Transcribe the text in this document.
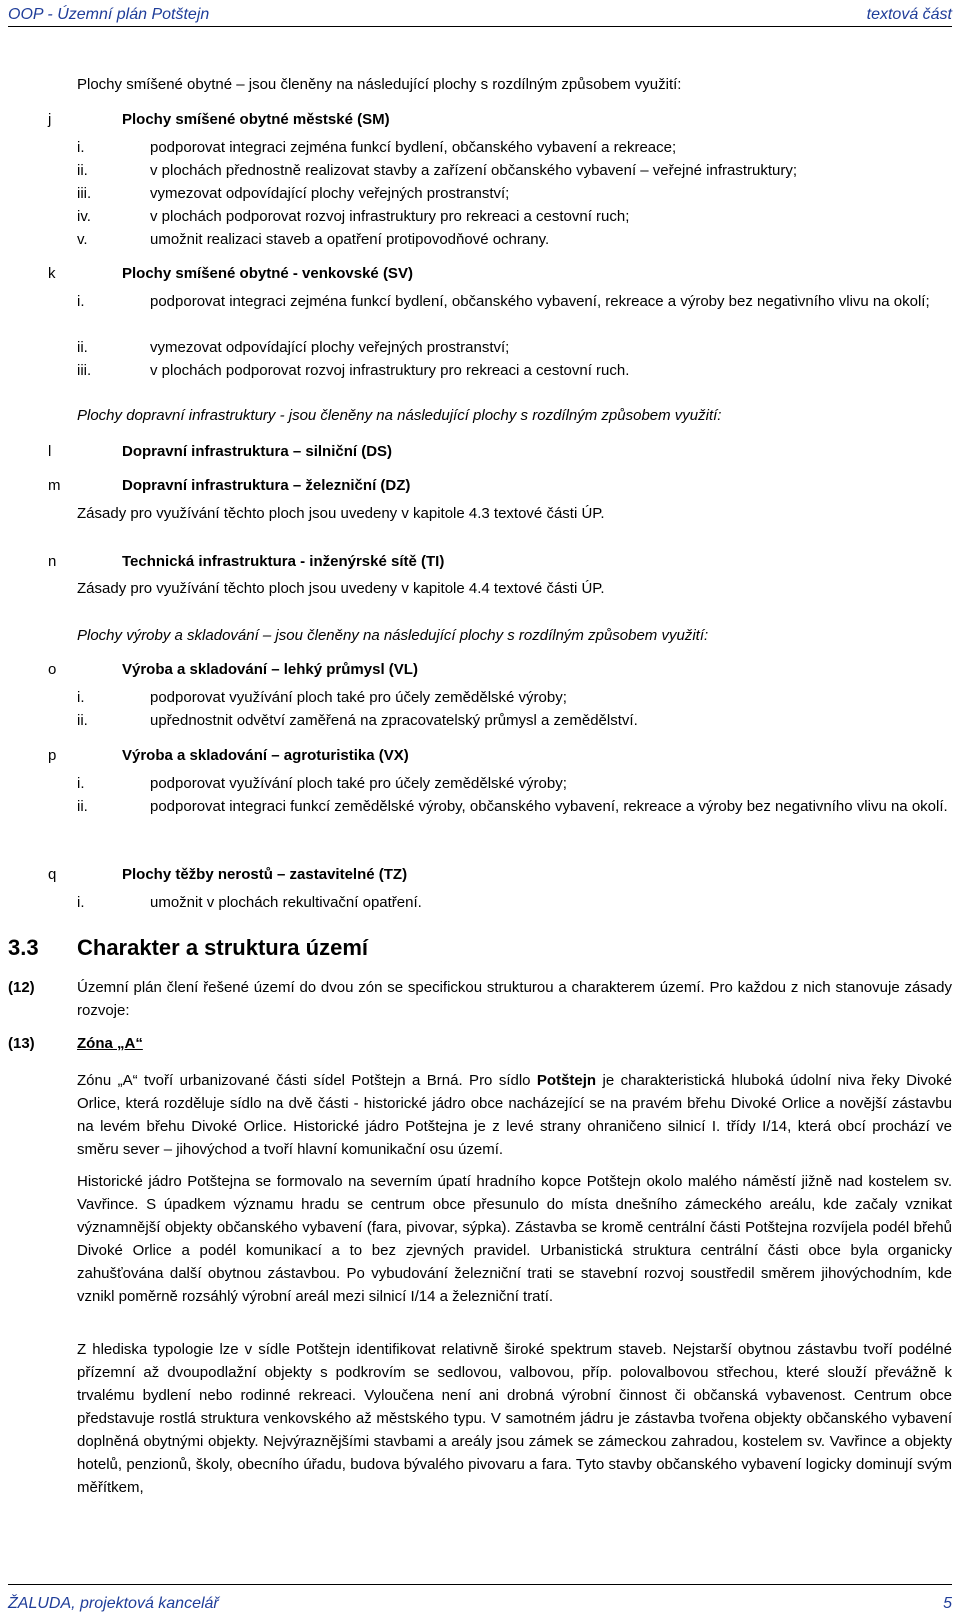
OOP - Územní plán Potštejn	textová část
Plochy smíšené obytné – jsou členěny na následující plochy s rozdílným způsobem využití:
j	Plochy smíšené obytné městské (SM)
i.	podporovat integraci zejména funkcí bydlení, občanského vybavení a rekreace;
ii.	v plochách přednostně realizovat stavby a zařízení občanského vybavení – veřejné infrastruktury;
iii.	vymezovat odpovídající plochy veřejných prostranství;
iv.	v plochách podporovat rozvoj infrastruktury pro rekreaci a cestovní ruch;
v.	umožnit realizaci staveb a opatření protipovodňové ochrany.
k	Plochy smíšené obytné - venkovské (SV)
i.	podporovat integraci zejména funkcí bydlení, občanského vybavení, rekreace a výroby bez negativního vlivu na okolí;
ii.	vymezovat odpovídající plochy veřejných prostranství;
iii.	v plochách podporovat rozvoj infrastruktury pro rekreaci a cestovní ruch.
Plochy dopravní infrastruktury - jsou členěny na následující plochy s rozdílným způsobem využití:
l	Dopravní infrastruktura – silniční (DS)
m	Dopravní infrastruktura – železniční (DZ)
Zásady pro využívání těchto ploch jsou uvedeny v kapitole 4.3 textové části ÚP.
n	Technická infrastruktura - inženýrské sítě (TI)
Zásady pro využívání těchto ploch jsou uvedeny v kapitole 4.4 textové části ÚP.
Plochy výroby a skladování – jsou členěny na následující plochy s rozdílným způsobem využití:
o	Výroba a skladování – lehký průmysl (VL)
i.	podporovat využívání ploch také pro účely zemědělské výroby;
ii.	upřednostnit odvětví zaměřená na zpracovatelský průmysl a zemědělství.
p	Výroba a skladování – agroturistika (VX)
i.	podporovat využívání ploch také pro účely zemědělské výroby;
ii.	podporovat integraci funkcí zemědělské výroby, občanského vybavení, rekreace a výroby bez negativního vlivu na okolí.
q	Plochy těžby nerostů – zastavitelné (TZ)
i.	umožnit v plochách rekultivační opatření.
3.3 Charakter a struktura území
(12)	Územní plán člení řešené území do dvou zón se specifickou strukturou a charakterem území. Pro každou z nich stanovuje zásady rozvoje:
(13)	Zóna „A“
Zónu „A“ tvoří urbanizované části sídel Potštejn a Brná. Pro sídlo Potštejn je charakteristická hluboká údolní niva řeky Divoké Orlice, která rozděluje sídlo na dvě části - historické jádro obce nacházející se na pravém břehu Divoké Orlice a novější zástavbu na levém břehu Divoké Orlice. Historické jádro Potštejna je z levé strany ohraničeno silnicí I. třídy I/14, která obcí prochází ve směru sever – jihovýchod a tvoří hlavní komunikační osu území.
Historické jádro Potštejna se formovalo na severním úpatí hradního kopce Potštejn okolo malého náměstí jižně nad kostelem sv. Vavřince. S úpadkem významu hradu se centrum obce přesunulo do místa dnešního zámeckého areálu, kde začaly vznikat významnější objekty občanského vybavení (fara, pivovar, sýpka). Zástavba se kromě centrální části Potštejna rozvíjela podél břehů Divoké Orlice a podél komunikací a to bez zjevných pravidel. Urbanistická struktura centrální části obce byla organicky zahušťována další obytnou zástavbou. Po vybudování železniční trati se stavební rozvoj soustředil směrem jihovýchodním, kde vznikl poměrně rozsáhlý výrobní areál mezi silnicí I/14 a železniční tratí.
Z hlediska typologie lze v sídle Potštejn identifikovat relativně široké spektrum staveb. Nejstarší obytnou zástavbu tvoří podélné přízemní až dvoupodlažní objekty s podkrovím se sedlovou, valbovou, příp. polovalbovou střechou, které slouží převážně k trvalému bydlení nebo rodinné rekreaci. Vyloučena není ani drobná výrobní činnost či občanská vybavenost. Centrum obce představuje rostlá struktura venkovského až městského typu. V samotném jádru je zástavba tvořena objekty občanského vybavení doplněná obytnými objekty. Nejvýraznějšími stavbami a areály jsou zámek se zámeckou zahradou, kostelem sv. Vavřince a objekty hotelů, penzionů, školy, obecního úřadu, budova bývalého pivovaru a fara. Tyto stavby občanského vybavení logicky dominují svým měřítkem,
ŽALUDA, projektová kancelář	5
